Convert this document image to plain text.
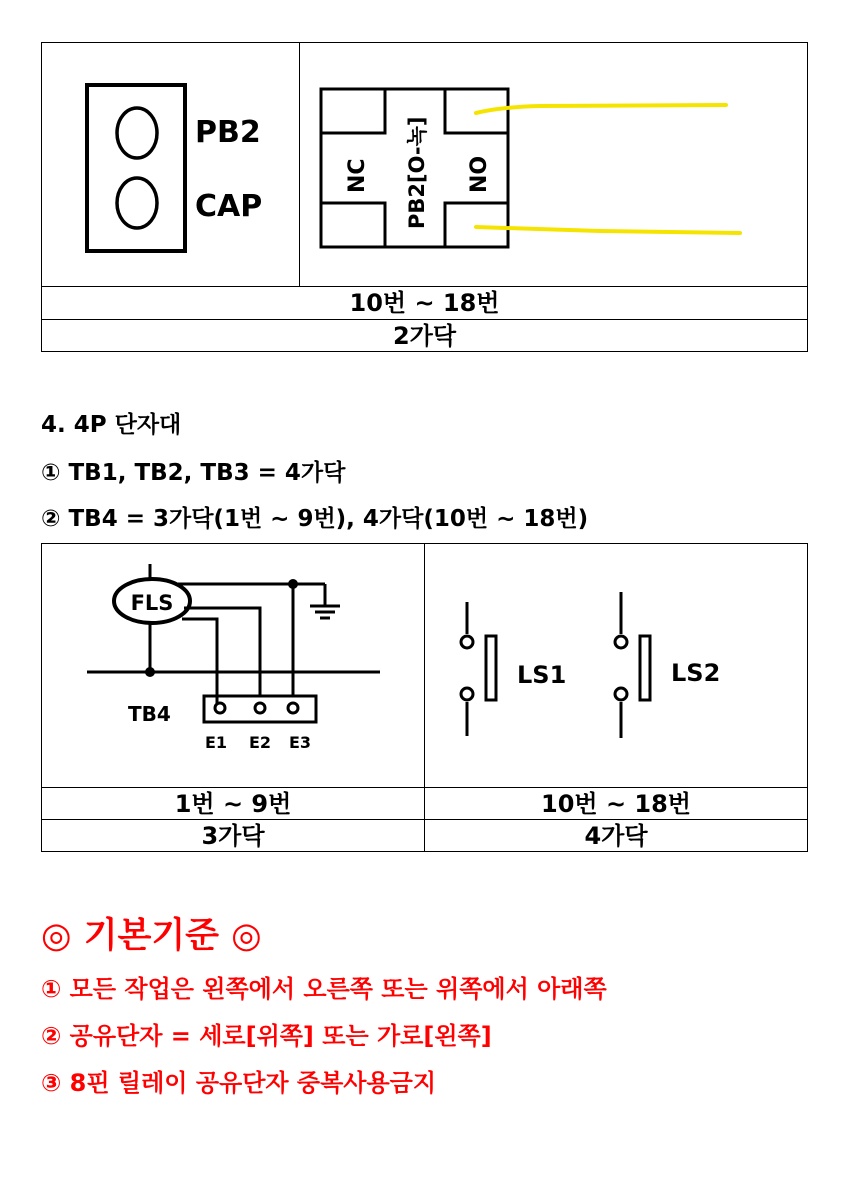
PB2
CAP

NC PB2[O-녹] NO

10번 ~ 18번
2가닥
4. 4P 단자대
① TB1, TB2, TB3 = 4가닥
② TB4 = 3가닥(1번 ~ 9번), 4가닥(10번 ~ 18번)
FLS
TB4
E1 E2 E3	LS1 LS2

1번 ~ 9번	10번 ~ 18번
3가닥	4가닥
◎ 기본기준 ◎
① 모든 작업은 왼쪽에서 오른쪽 또는 위쪽에서 아래쪽
② 공유단자 = 세로[위쪽] 또는 가로[왼쪽]
③ 8핀 릴레이 공유단자 중복사용금지
